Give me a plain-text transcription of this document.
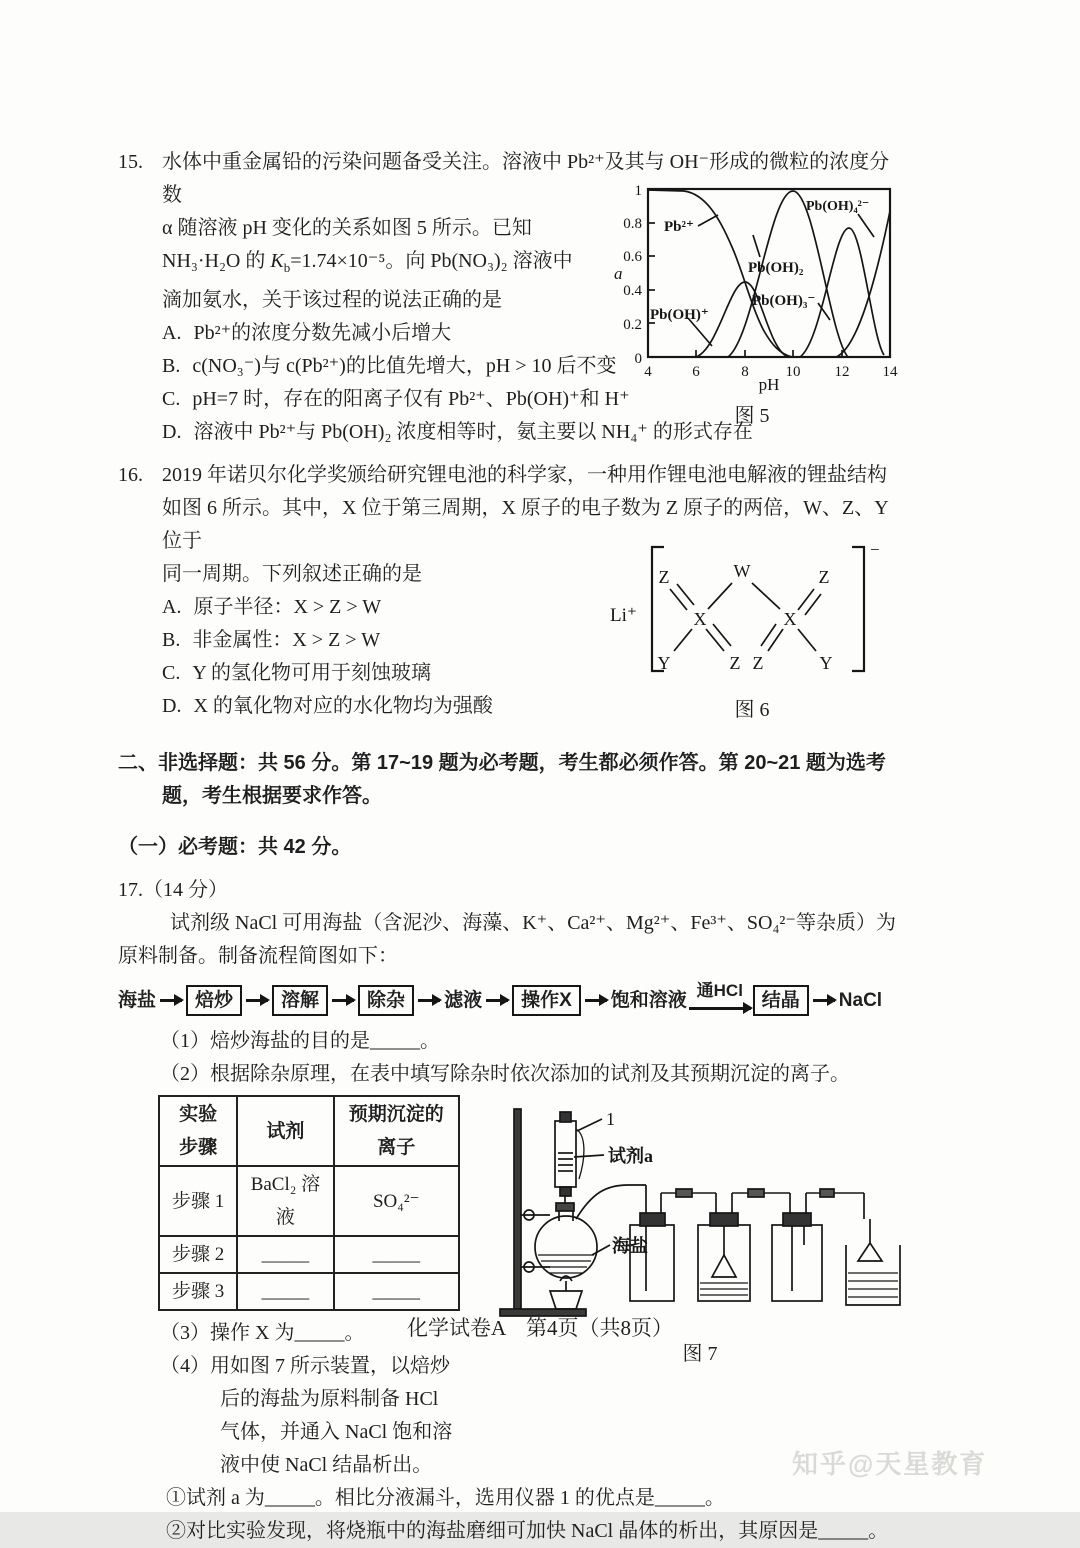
15.
0
0.2
0.4
0.6
0.8
1
4	6	8 10 12 14
a
pH
Pb²⁺
Pb(OH)₄²⁻
Pb(OH)₂
Pb(OH)₃⁻
Pb(OH)⁺
图 5
水体中重金属铅的污染问题备受关注。溶液中 Pb²⁺及其与 OH⁻形成的微粒的浓度分数
α 随溶液 pH 变化的关系如图 5 所示。已知 NH₃·H₂O 的 $K_b=1.74\times 10^{-5}$。向 Pb(NO₃)₂ 溶液中滴加氨水，关于该过程的说法正确的是
A. Pb²⁺的浓度分数先减小后增大
B. c(NO₃⁻)与 c(Pb²⁺)的比值先增大，pH > 10 后不变
C. pH=7 时，存在的阳离子仅有 Pb²⁺、Pb(OH)⁺和 H⁺
D. 溶液中 Pb²⁺与 Pb(OH)₂ 浓度相等时，氨主要以 NH₄⁺ 的形式存在
16.
Li⁺
−
Z	W	Z
X	X
Y	Z Z	Y
图 6
2019 年诺贝尔化学奖颁给研究锂电池的科学家，一种用作锂电池电解液的锂盐结构如图 6 所示。其中，X 位于第三周期，X 原子的电子数为 Z 原子的两倍，W、Z、Y 位于
同一周期。下列叙述正确的是
A. 原子半径：X > Z > W
B. 非金属性：X > Z > W
C. Y 的氢化物可用于刻蚀玻璃
D. X 的氧化物对应的水化物均为强酸
二、非选择题：共 56 分。第 17~19 题为必考题，考生都必须作答。第 20~21 题为选考题，考生根据要求作答。
（一）必考题：共 42 分。
17.（14 分）
试剂级 NaCl 可用海盐（含泥沙、海藻、K⁺、Ca²⁺、Mg²⁺、Fe³⁺、SO₄²⁻等杂质）为原料制备。制备流程简图如下：
海盐	焙炒	溶解	除杂	滤液	操作X	饱和溶液 通HCl 结晶	NaCl
（1）焙炒海盐的目的是_____。
（2）根据除杂原理，在表中填写除杂时依次添加的试剂及其预期沉淀的离子。
1
试剂a
海盐
图 7
实验步骤	试剂	预期沉淀的离子
步骤 1	BaCl₂ 溶液	SO₄²⁻
步骤 2	_____	_____
步骤 3	_____	_____
（3）操作 X 为_____。
（4）用如图 7 所示装置，以焙炒后的海盐为原料制备 HCl 气体，并通入 NaCl 饱和溶液中使 NaCl 结晶析出。
①试剂 a 为_____。相比分液漏斗，选用仪器 1 的优点是_____。
②对比实验发现，将烧瓶中的海盐磨细可加快 NaCl 晶体的析出，其原因是_____。
化学试卷A　第4页（共8页）
知乎@天星教育
